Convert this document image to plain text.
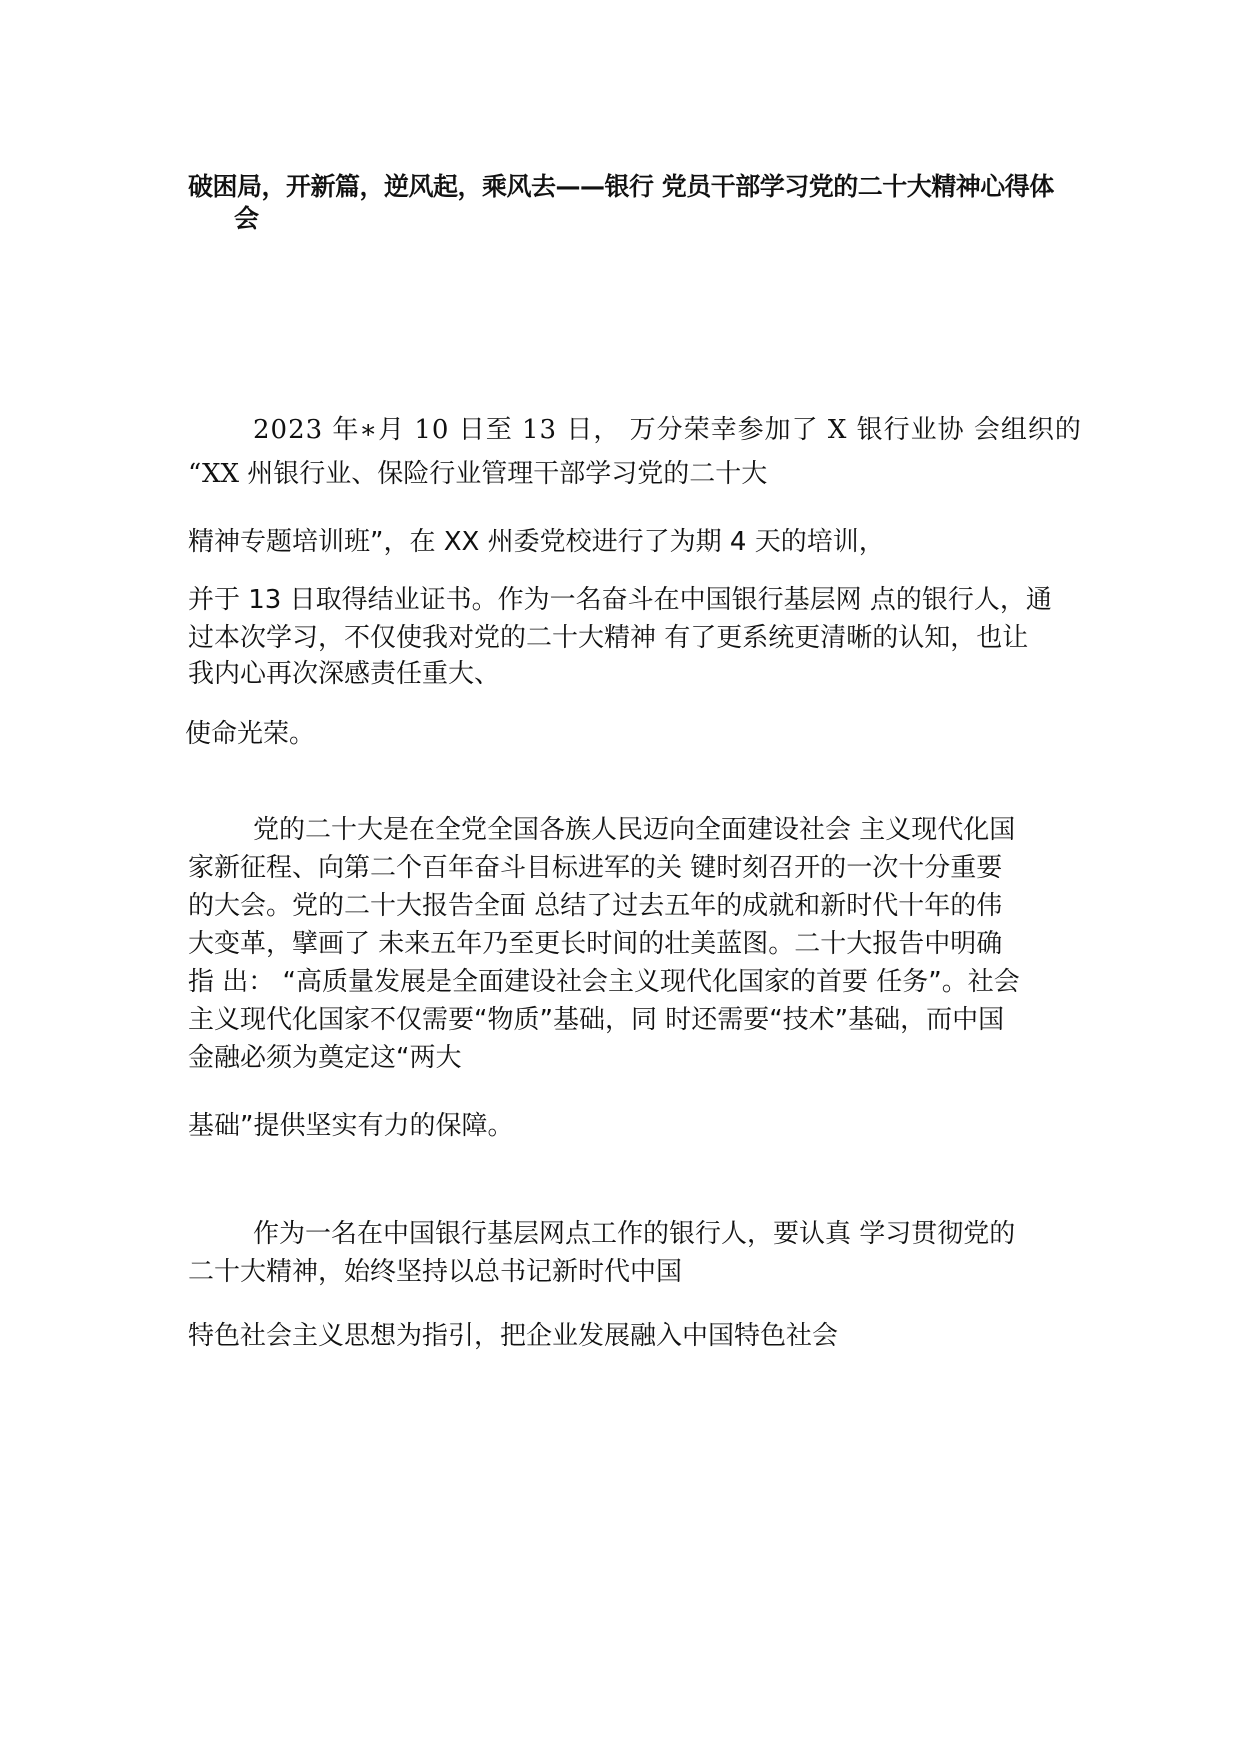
破困局，开新篇，逆风起，乘风去——银行 党员干部学习党的二十大精神心得体
会
2023 年∗月 10 日至 13 日， 万分荣幸参加了 X 银行业协 会组织的
“XX 州银行业、保险行业管理干部学习党的二十大
精神专题培训班”，在 XX 州委党校进行了为期 4 天的培训，
并于 13 日取得结业证书。作为一名奋斗在中国银行基层网 点的银行人，通
过本次学习，不仅使我对党的二十大精神 有了更系统更清晰的认知，也让
我内心再次深感责任重大、
使命光荣。
党的二十大是在全党全国各族人民迈向全面建设社会 主义现代化国
家新征程、向第二个百年奋斗目标进军的关 键时刻召开的一次十分重要
的大会。党的二十大报告全面 总结了过去五年的成就和新时代十年的伟
大变革，擘画了 未来五年乃至更长时间的壮美蓝图。二十大报告中明确
指 出： “高质量发展是全面建设社会主义现代化国家的首要 任务”。社会
主义现代化国家不仅需要“物质”基础，同 时还需要“技术”基础，而中国
金融必须为奠定这“两大
基础”提供坚实有力的保障。
作为一名在中国银行基层网点工作的银行人，要认真 学习贯彻党的
二十大精神，始终坚持以总书记新时代中国
特色社会主义思想为指引，把企业发展融入中国特色社会
